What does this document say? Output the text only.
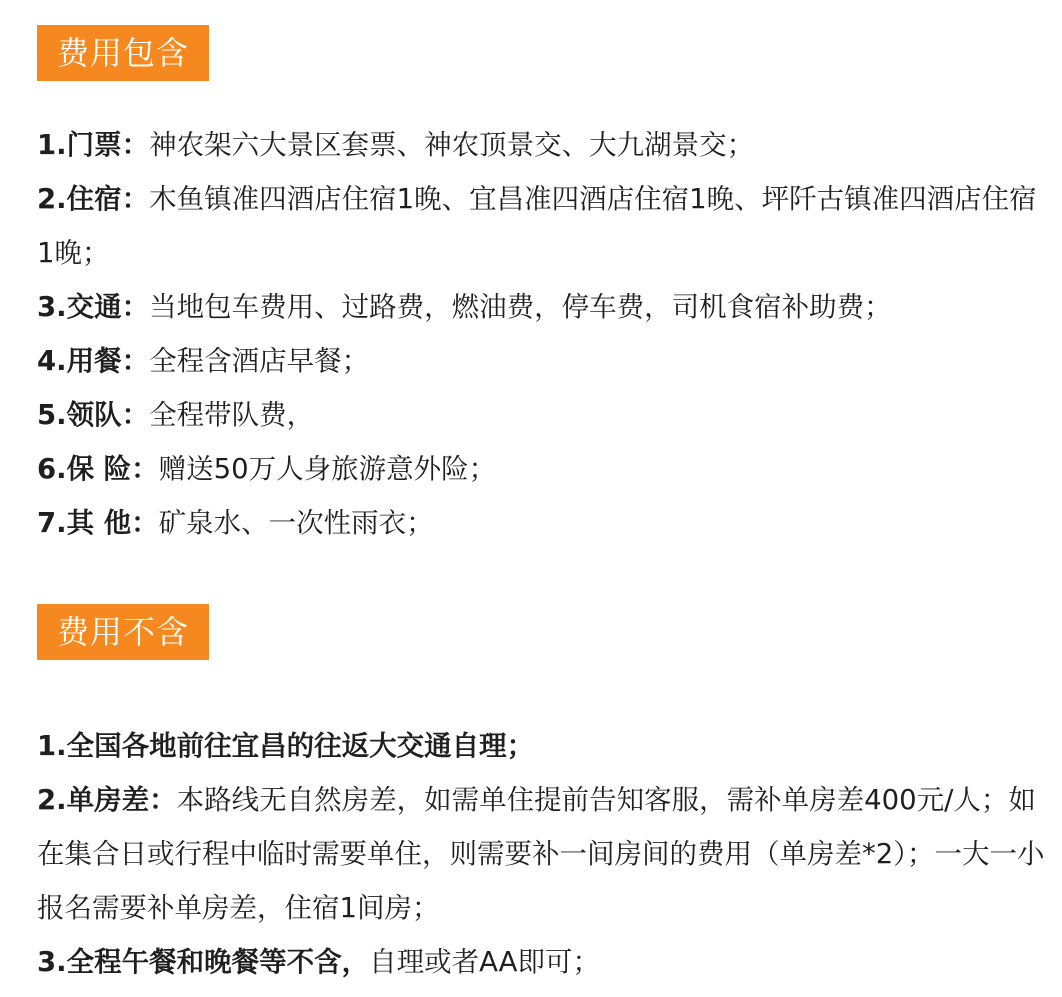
费用包含

1.门票：神农架六大景区套票、神农顶景交、大九湖景交；

2.住宿：木鱼镇准四酒店住宿1晚、宜昌准四酒店住宿1晚、坪阡古镇准四酒店住宿1晚；

3.交通：当地包车费用、过路费，燃油费，停车费，司机食宿补助费；

4.用餐：全程含酒店早餐；

5.领队：全程带队费，

6.保 险：赠送50万人身旅游意外险；

7.其 他：矿泉水、一次性雨衣；

费用不含

1.全国各地前往宜昌的往返大交通自理；

2.单房差：本路线无自然房差，如需单住提前告知客服，需补单房差400元/人；如在集合日或行程中临时需要单住，则需要补一间房间的费用（单房差*2）；一大一小报名需要补单房差，住宿1间房；

3.全程午餐和晚餐等不含，自理或者AA即可；
